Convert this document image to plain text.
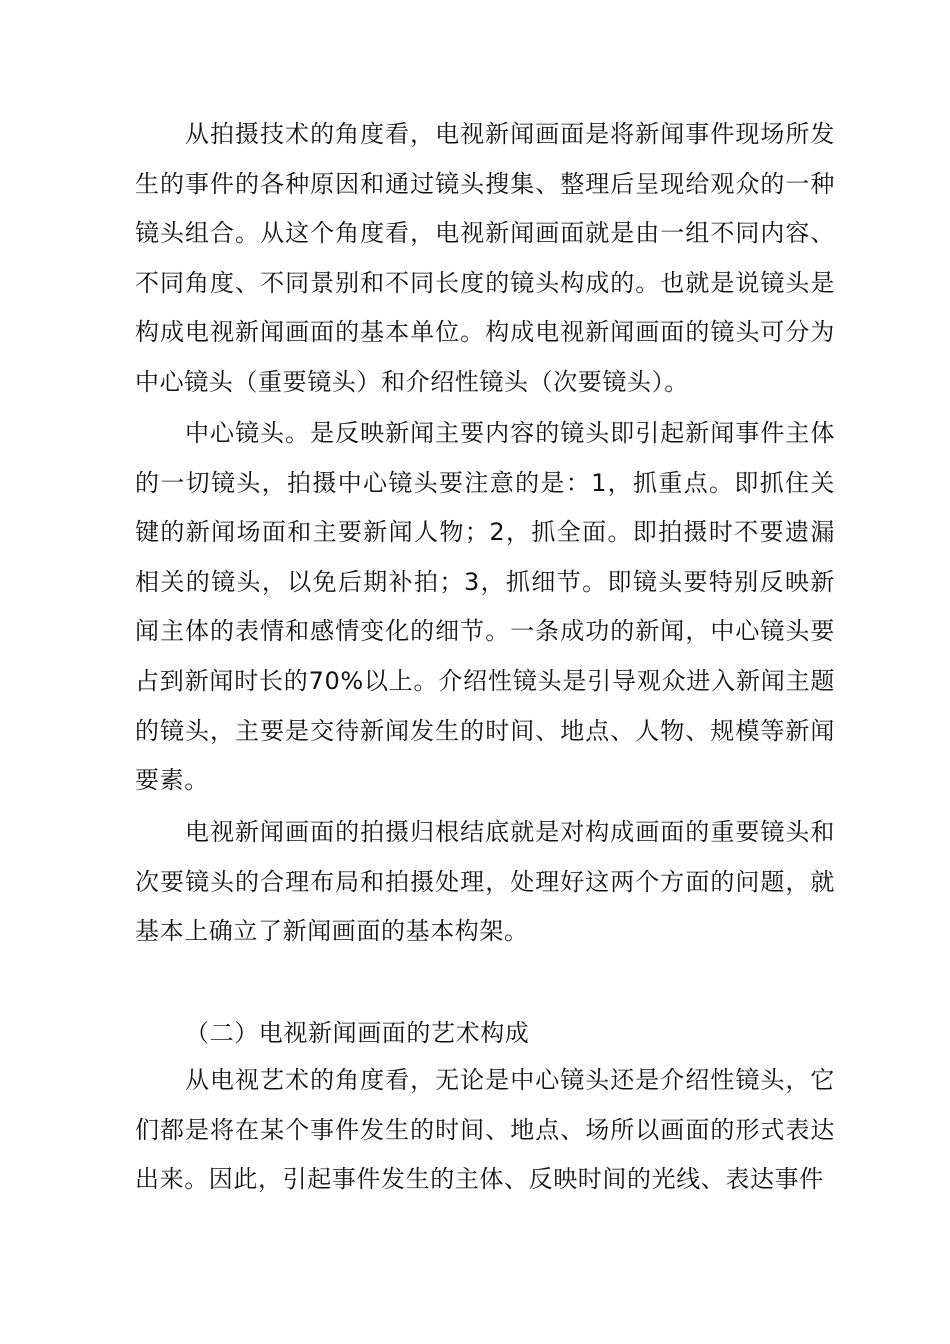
从拍摄技术的角度看，电视新闻画面是将新闻事件现场所发生的事件的各种原因和通过镜头搜集、整理后呈现给观众的一种镜头组合。从这个角度看，电视新闻画面就是由一组不同内容、不同角度、不同景别和不同长度的镜头构成的。也就是说镜头是构成电视新闻画面的基本单位。构成电视新闻画面的镜头可分为中心镜头（重要镜头）和介绍性镜头（次要镜头）。

中心镜头。是反映新闻主要内容的镜头即引起新闻事件主体的一切镜头，拍摄中心镜头要注意的是：1，抓重点。即抓住关键的新闻场面和主要新闻人物；2，抓全面。即拍摄时不要遗漏相关的镜头，以免后期补拍；3，抓细节。即镜头要特别反映新闻主体的表情和感情变化的细节。一条成功的新闻，中心镜头要占到新闻时长的70%以上。介绍性镜头是引导观众进入新闻主题的镜头，主要是交待新闻发生的时间、地点、人物、规模等新闻要素。

电视新闻画面的拍摄归根结底就是对构成画面的重要镜头和次要镜头的合理布局和拍摄处理，处理好这两个方面的问题，就基本上确立了新闻画面的基本构架。

（二）电视新闻画面的艺术构成

从电视艺术的角度看，无论是中心镜头还是介绍性镜头，它们都是将在某个事件发生的时间、地点、场所以画面的形式表达出来。因此，引起事件发生的主体、反映时间的光线、表达事件
